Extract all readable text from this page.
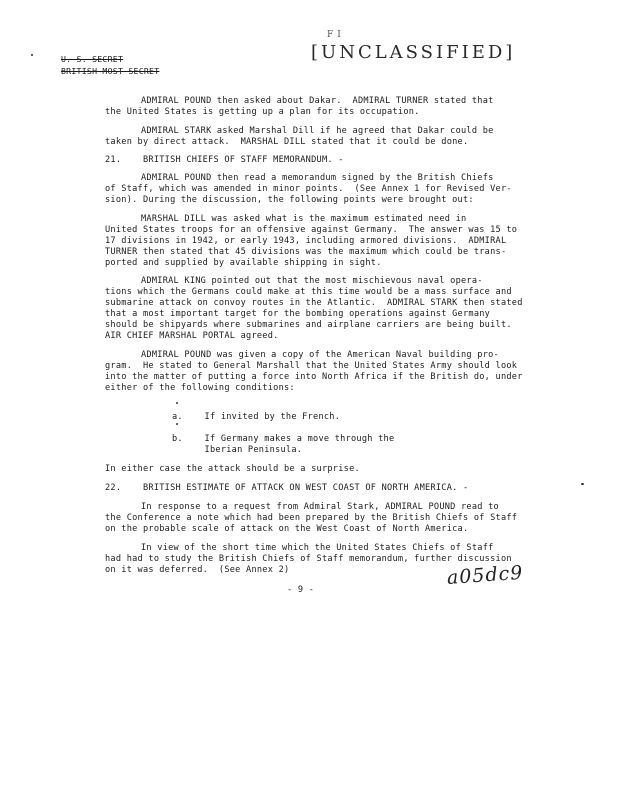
U. S. SECRET
BRITISH MOST SECRET
FI
[UNCLASSIFIED]
ADMIRAL POUND then asked about Dakar.  ADMIRAL TURNER stated that
the United States is getting up a plan for its occupation.
ADMIRAL STARK asked Marshal Dill if he agreed that Dakar could be
taken by direct attack.  MARSHAL DILL stated that it could be done.
21.    BRITISH CHIEFS OF STAFF MEMORANDUM. -
ADMIRAL POUND then read a memorandum signed by the British Chiefs
of Staff, which was amended in minor points.  (See Annex 1 for Revised Ver-
sion). During the discussion, the following points were brought out:
MARSHAL DILL was asked what is the maximum estimated need in
United States troops for an offensive against Germany.  The answer was 15 to
17 divisions in 1942, or early 1943, including armored divisions.  ADMIRAL
TURNER then stated that 45 divisions was the maximum which could be trans-
ported and supplied by available shipping in sight.
ADMIRAL KING pointed out that the most mischievous naval opera-
tions which the Germans could make at this time would be a mass surface and
submarine attack on convoy routes in the Atlantic.  ADMIRAL STARK then stated
that a most important target for the bombing operations against Germany
should be shipyards where submarines and airplane carriers are being built.
AIR CHIEF MARSHAL PORTAL agreed.
ADMIRAL POUND was given a copy of the American Naval building pro-
gram.  He stated to General Marshall that the United States Army should look
into the matter of putting a force into North Africa if the British do, under
either of the following conditions:
a.    If invited by the French.
b.    If Germany makes a move through the
Iberian Peninsula.
In either case the attack should be a surprise.
22.    BRITISH ESTIMATE OF ATTACK ON WEST COAST OF NORTH AMERICA. -
In response to a request from Admiral Stark, ADMIRAL POUND read to
the Conference a note which had been prepared by the British Chiefs of Staff
on the probable scale of attack on the West Coast of North America.
In view of the short time which the United States Chiefs of Staff
had had to study the British Chiefs of Staff memorandum, further discussion
on it was deferred.  (See Annex 2)
- 9 -
a05dc9
